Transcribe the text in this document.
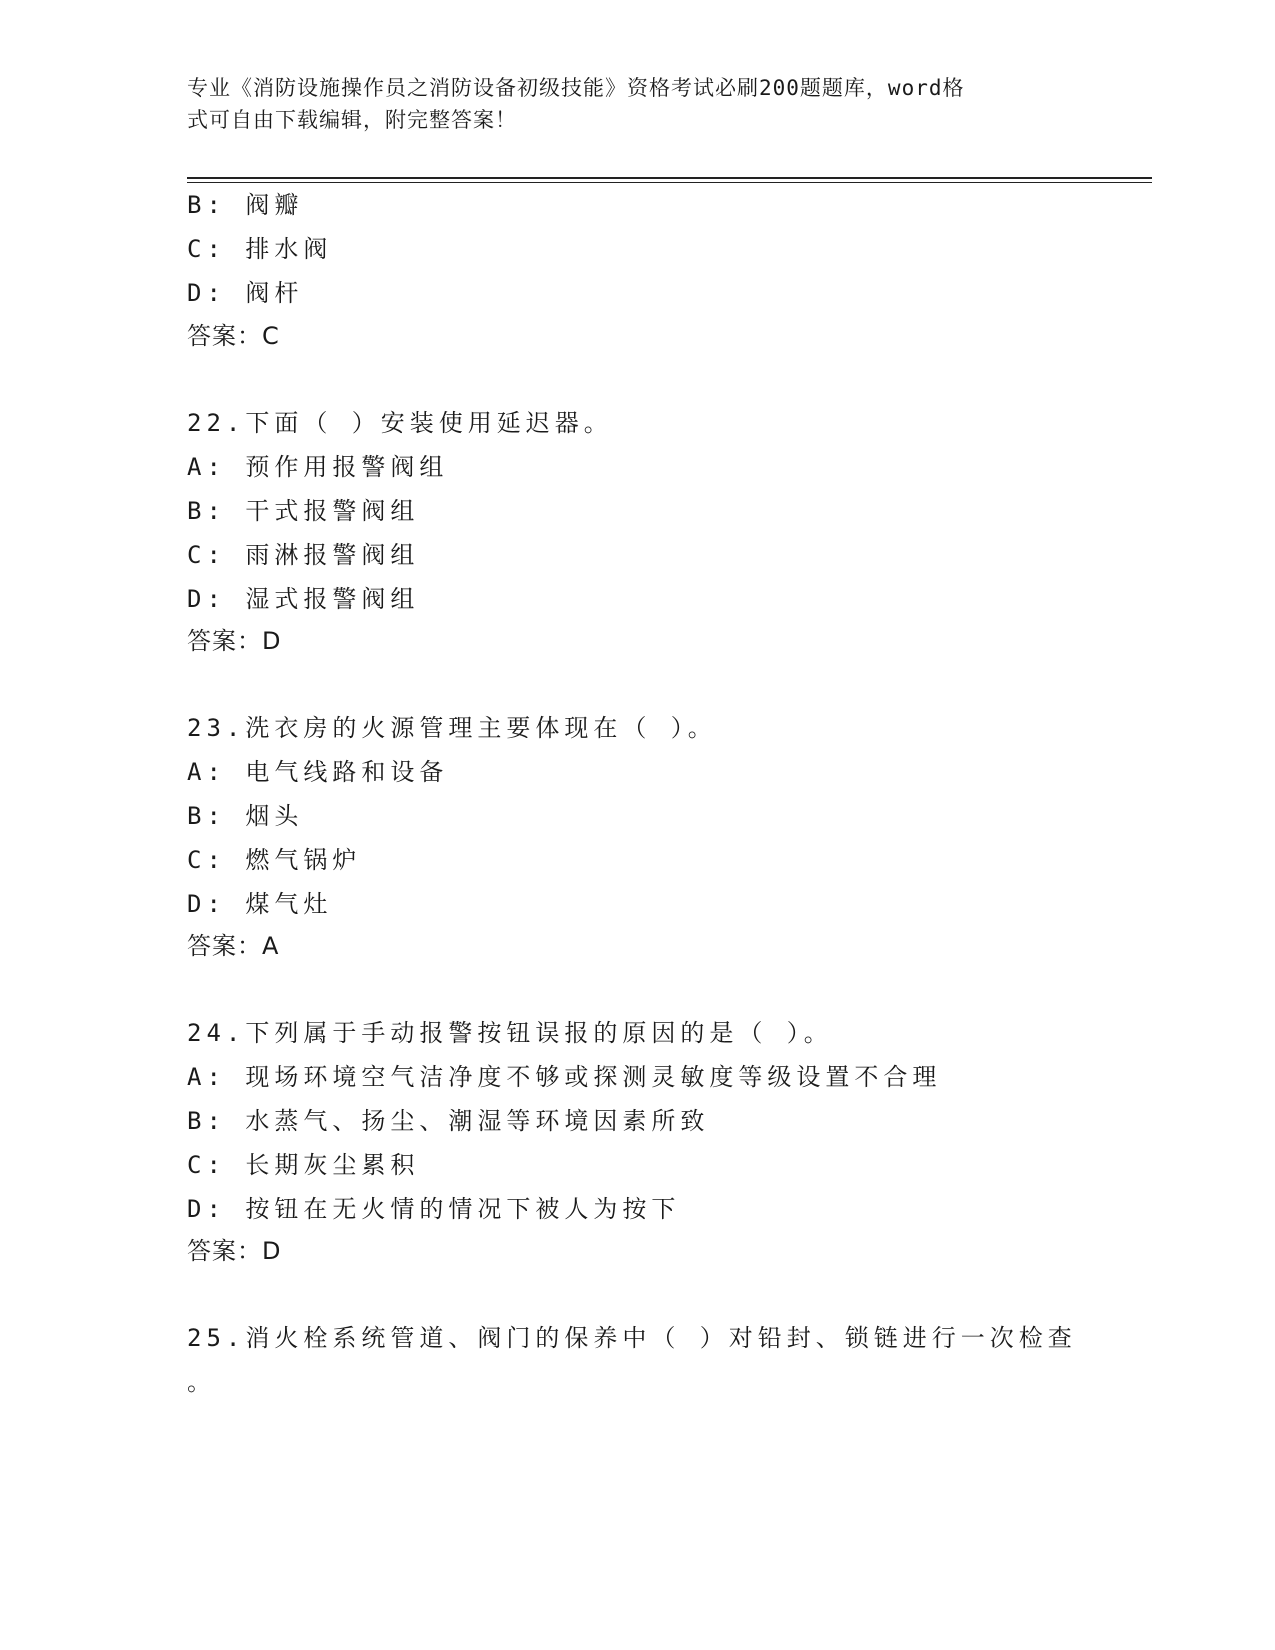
专业《消防设施操作员之消防设备初级技能》资格考试必刷200题题库，word格
式可自由下载编辑，附完整答案！
B: 阀瓣
C: 排水阀
D: 阀杆
答案：C
22.下面（ ）安装使用延迟器。
A: 预作用报警阀组
B: 干式报警阀组
C: 雨淋报警阀组
D: 湿式报警阀组
答案：D
23.洗衣房的火源管理主要体现在（ ）。
A: 电气线路和设备
B: 烟头
C: 燃气锅炉
D: 煤气灶
答案：A
24.下列属于手动报警按钮误报的原因的是（ ）。
A: 现场环境空气洁净度不够或探测灵敏度等级设置不合理
B: 水蒸气、扬尘、潮湿等环境因素所致
C: 长期灰尘累积
D: 按钮在无火情的情况下被人为按下
答案：D
25.消火栓系统管道、阀门的保养中（ ）对铅封、锁链进行一次检查
。
